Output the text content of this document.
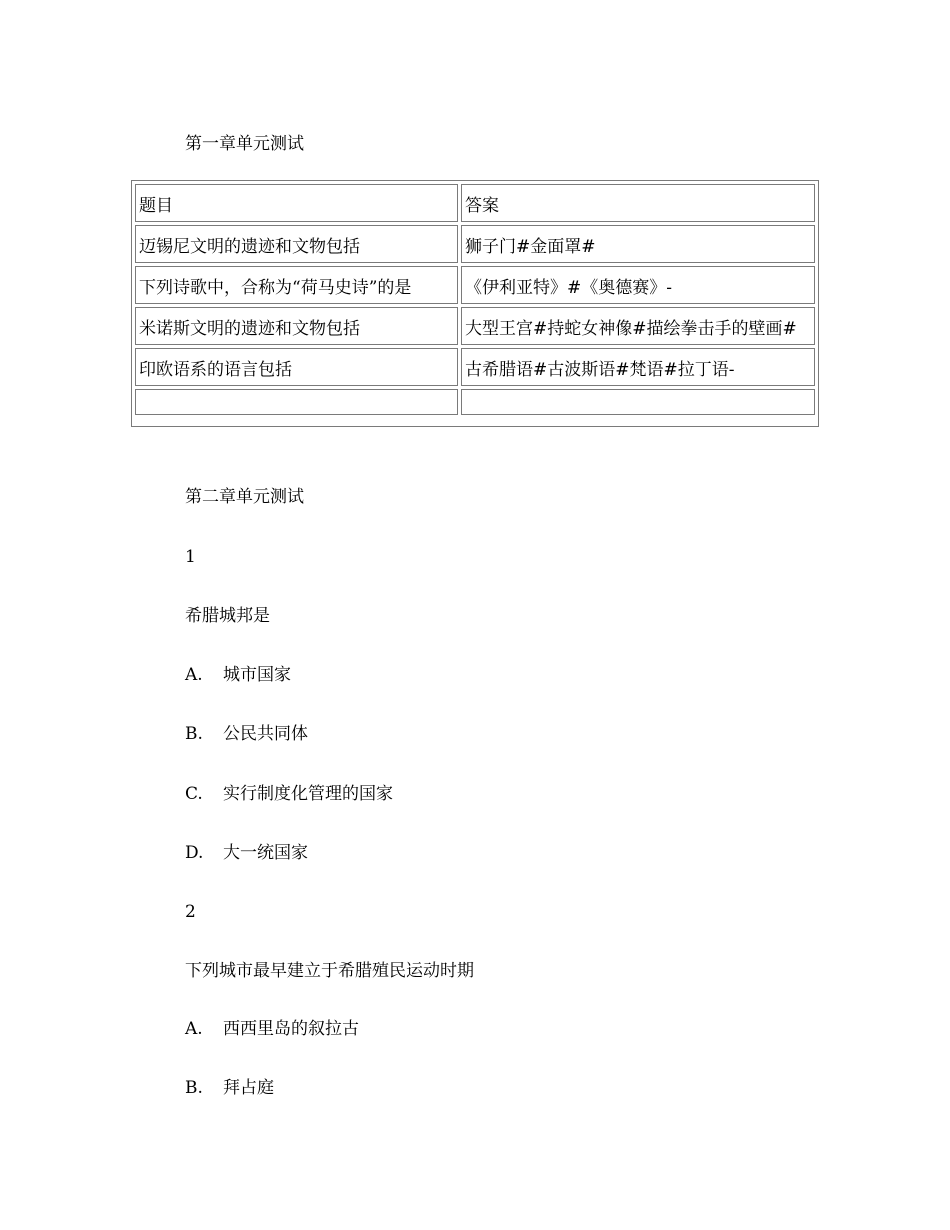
第一章单元测试
题目	答案
迈锡尼文明的遗迹和文物包括	狮子门#金面罩#
下列诗歌中，合称为“荷马史诗”的是	《伊利亚特》#《奥德赛》-
米诺斯文明的遗迹和文物包括	大型王宫#持蛇女神像#描绘拳击手的壁画#
印欧语系的语言包括	古希腊语#古波斯语#梵语#拉丁语-

第二章单元测试
1
希腊城邦是
A. 城市国家
B. 公民共同体
C. 实行制度化管理的国家
D. 大一统国家
2
下列城市最早建立于希腊殖民运动时期
A. 西西里岛的叙拉古
B. 拜占庭
